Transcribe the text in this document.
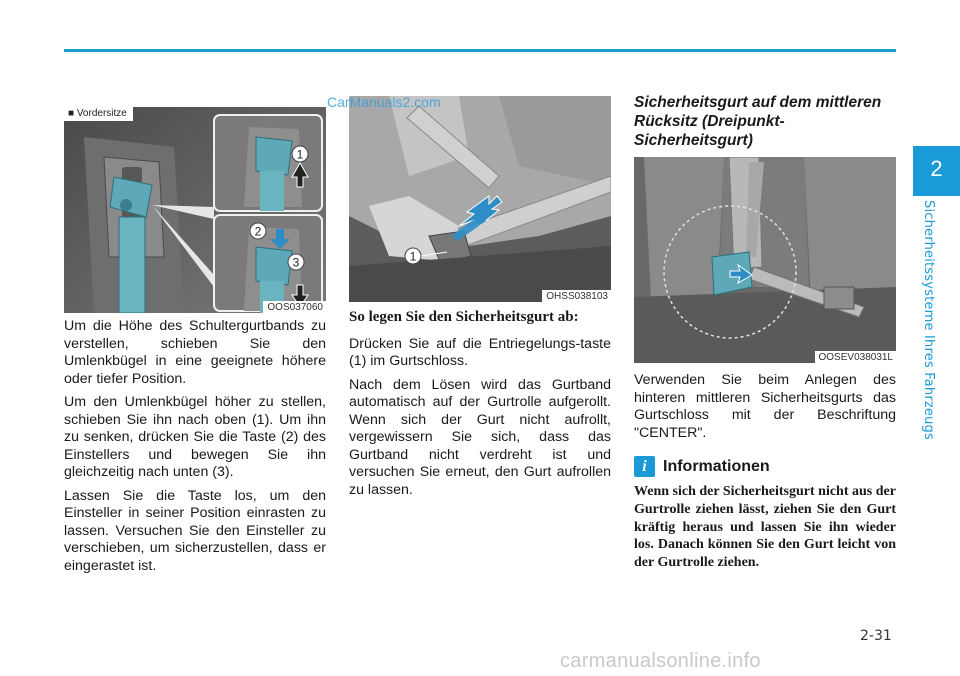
2
Sicherheitssysteme Ihres Fahrzeugs
■ Vordersitze
1
2
3
OOS037060
1
OHSS038103
OOSEV038031L
CarManuals2.com

Um die Höhe des Schultergurtbands zu verstellen, schieben Sie den Umlenkbügel in eine geeignete höhere oder tiefer Position.

Um den Umlenkbügel höher zu stellen, schieben Sie ihn nach oben (1). Um ihn zu senken, drücken Sie die Taste (2) des Einstellers und bewegen Sie ihn gleichzeitig nach unten (3).

Lassen Sie die Taste los, um den Einsteller in seiner Position einrasten zu lassen. Versuchen Sie den Einsteller zu verschieben, um sicherzustellen, dass er eingerastet ist.

So legen Sie den Sicherheitsgurt ab:

Drücken Sie auf die Entriegelungs-taste (1) im Gurtschloss.

Nach dem Lösen wird das Gurtband automatisch auf der Gurtrolle aufgerollt. Wenn sich der Gurt nicht aufrollt, vergewissern Sie sich, dass das Gurtband nicht verdreht ist und versuchen Sie erneut, den Gurt aufrollen zu lassen.

Sicherheitsgurt auf dem mittleren Rücksitz (Dreipunkt-Sicherheitsgurt)

Verwenden Sie beim Anlegen des hinteren mittleren Sicherheitsgurts das Gurtschloss mit der Beschriftung "CENTER".

i	Informationen
Wenn sich der Sicherheitsgurt nicht aus der Gurtrolle ziehen lässt, ziehen Sie den Gurt kräftig heraus und lassen Sie ihn wieder los. Danach können Sie den Gurt leicht von der Gurtrolle ziehen.
2-31
carmanualsonline.info
